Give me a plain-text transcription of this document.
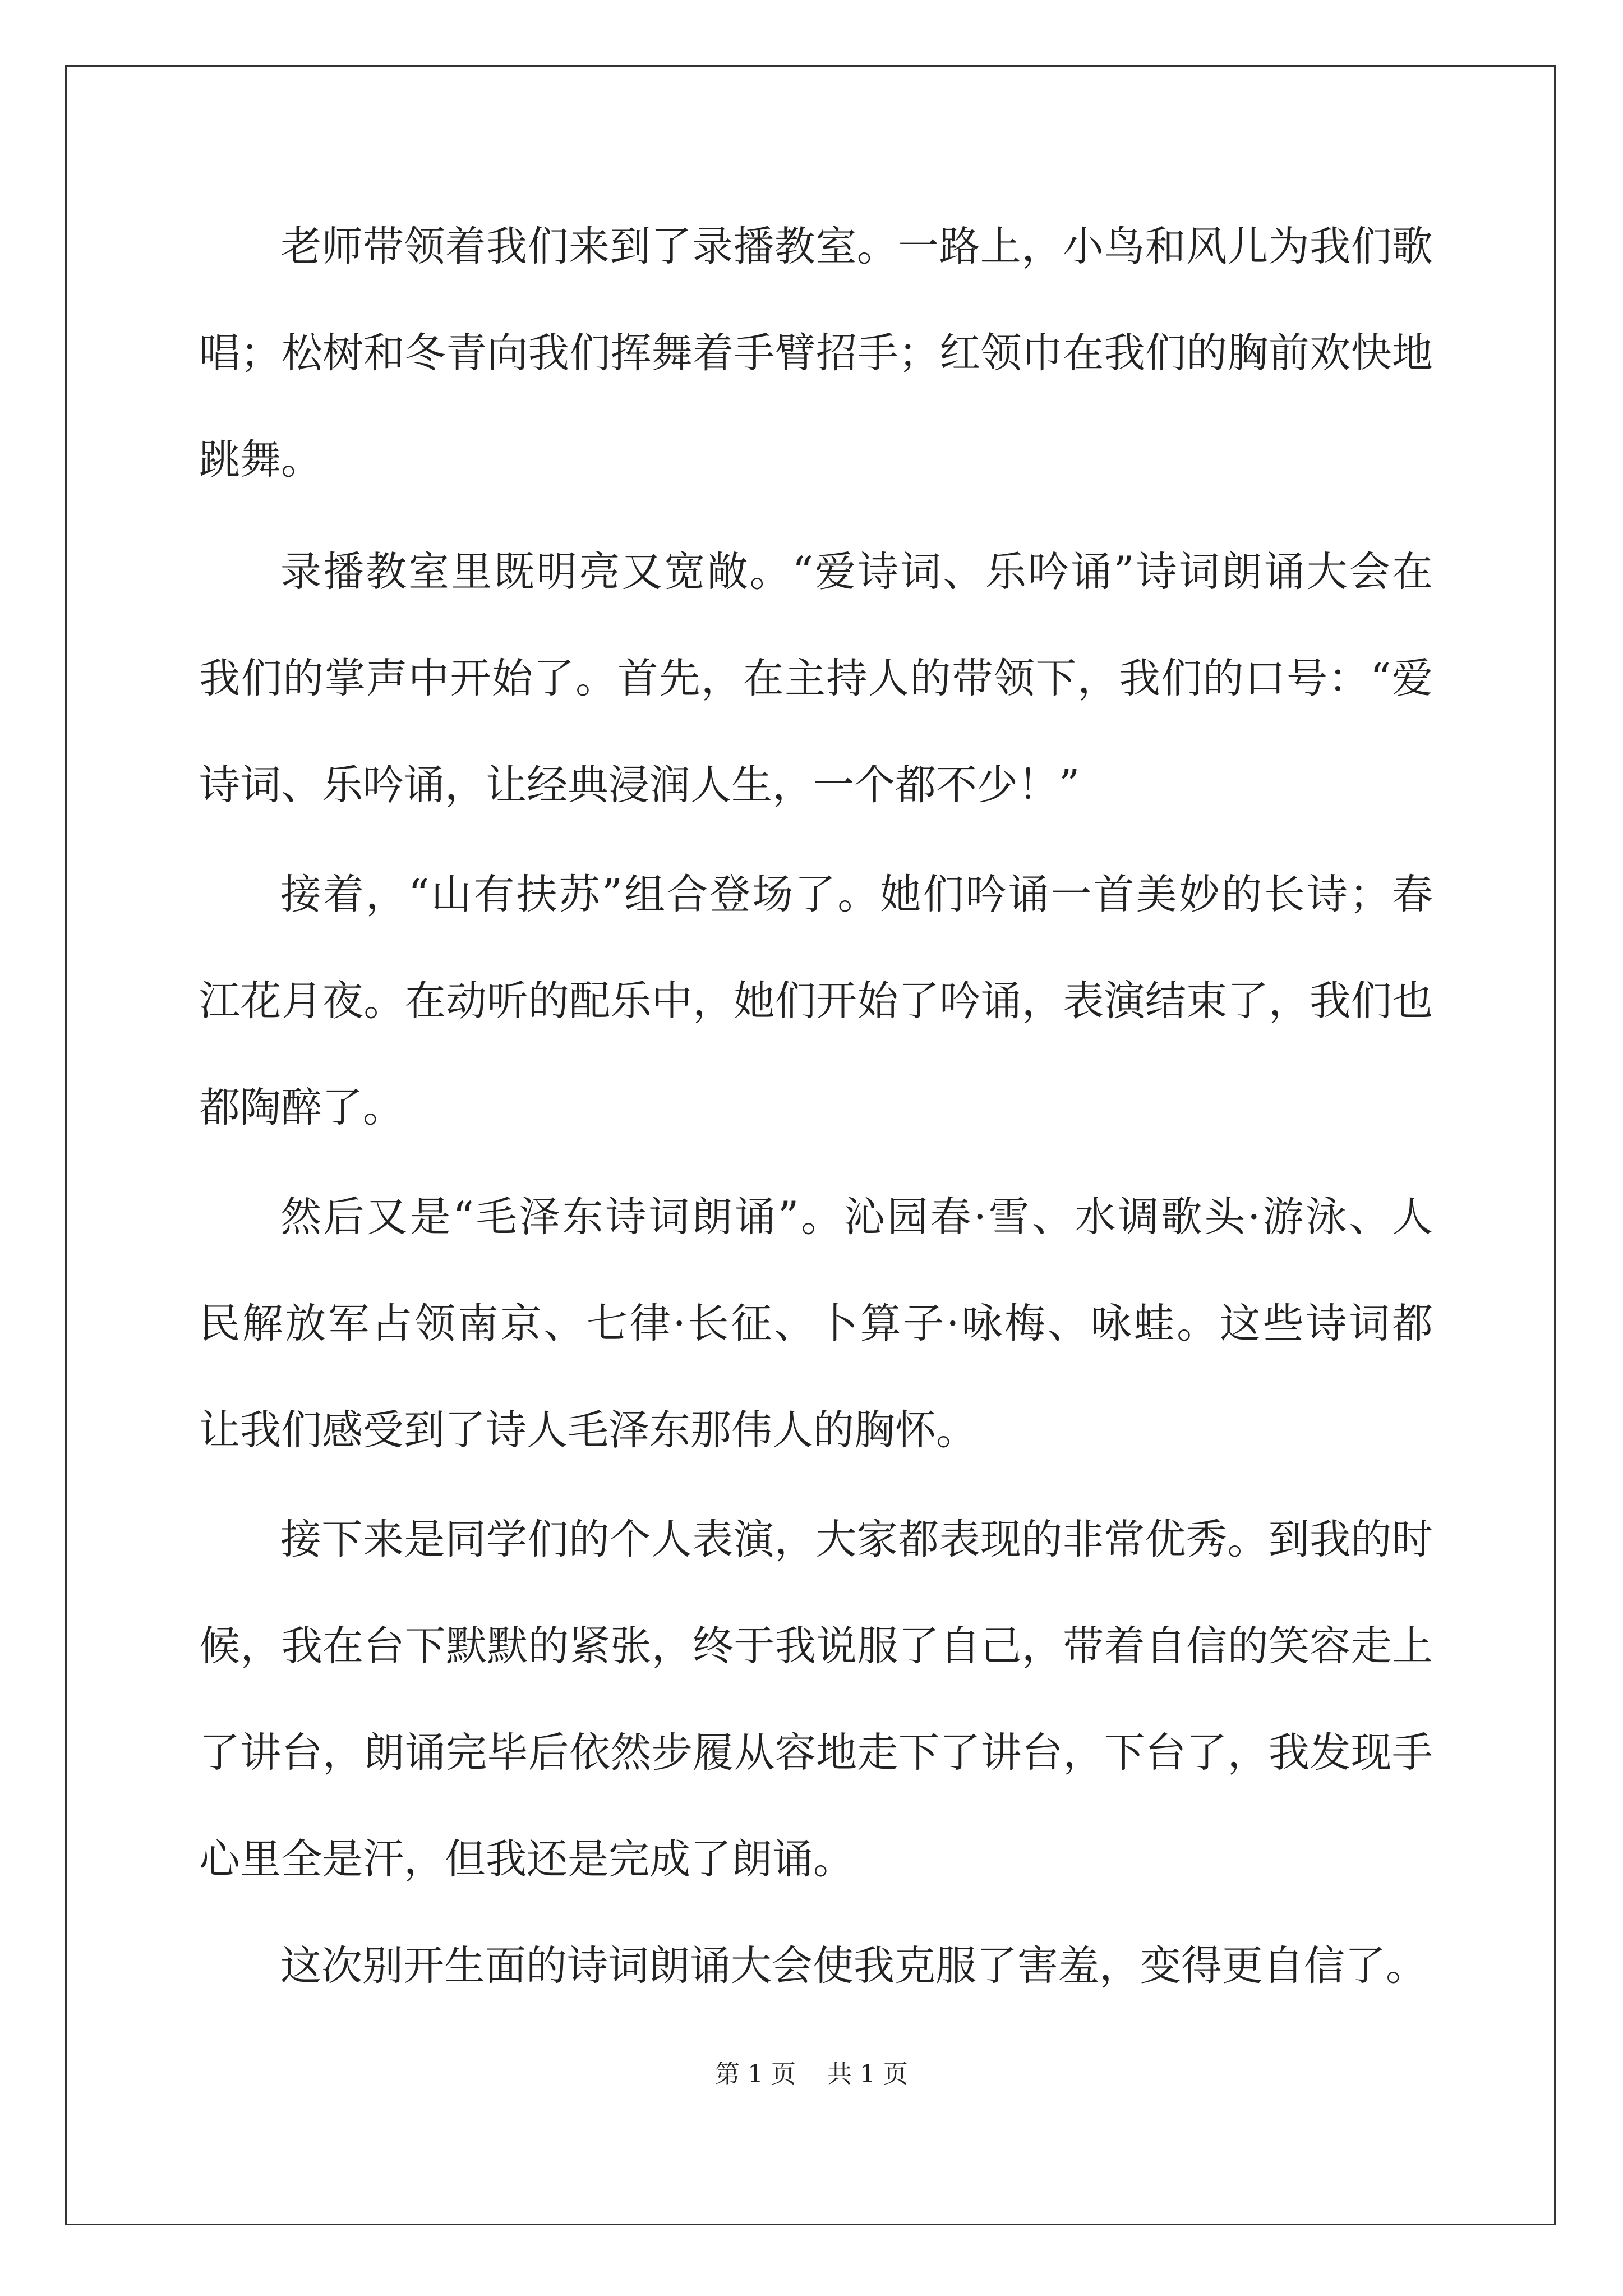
老师带领着我们来到了录播教室。一路上，小鸟和风儿为我们歌
唱；松树和冬青向我们挥舞着手臂招手；红领巾在我们的胸前欢快地
跳舞。
录播教室里既明亮又宽敞。“爱诗词、乐吟诵”诗词朗诵大会在
我们的掌声中开始了。首先，在主持人的带领下，我们的口号：“爱
诗词、乐吟诵，让经典浸润人生，一个都不少！”
接着，“山有扶苏”组合登场了。她们吟诵一首美妙的长诗；春
江花月夜。在动听的配乐中，她们开始了吟诵，表演结束了，我们也
都陶醉了。
然后又是“毛泽东诗词朗诵”。沁园春·雪、水调歌头·游泳、人
民解放军占领南京、七律·长征、卜算子·咏梅、咏蛙。这些诗词都
让我们感受到了诗人毛泽东那伟人的胸怀。
接下来是同学们的个人表演，大家都表现的非常优秀。到我的时
候，我在台下默默的紧张，终于我说服了自己，带着自信的笑容走上
了讲台，朗诵完毕后依然步履从容地走下了讲台，下台了，我发现手
心里全是汗，但我还是完成了朗诵。
这次别开生面的诗词朗诵大会使我克服了害羞，变得更自信了。
第 1 页    共 1 页
